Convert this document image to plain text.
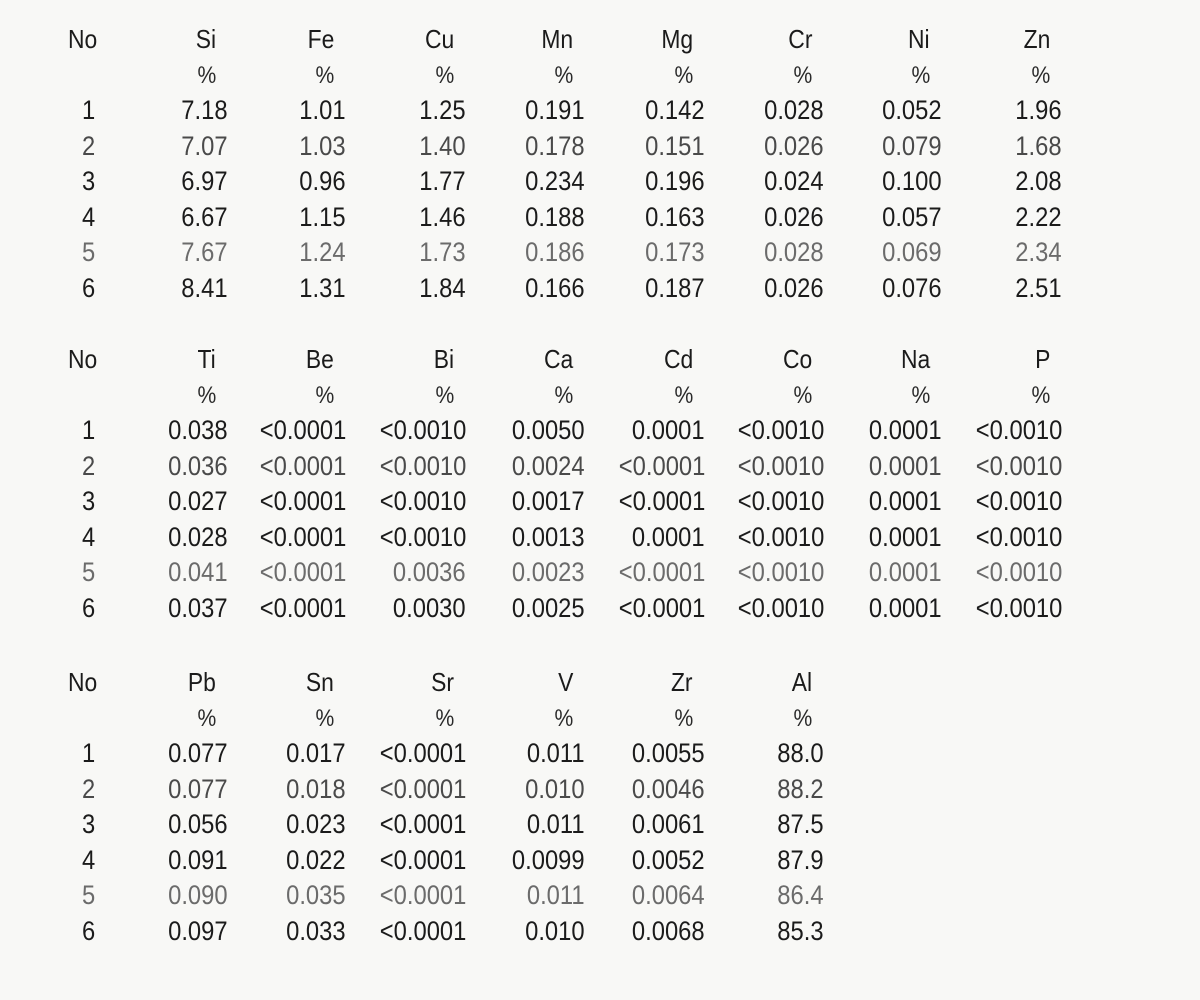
No	Si	Fe	Cu	Mn	Mg	Cr	Ni	Zn
%	%	%	%	%	%	%	%
1	7.18	1.01	1.25 0.191 0.142 0.028 0.052	1.96
2	7.07	1.03	1.40 0.178 0.151 0.026 0.079	1.68
3	6.97	0.96	1.77 0.234 0.196 0.024 0.100	2.08
4	6.67	1.15	1.46 0.188 0.163 0.026 0.057	2.22
5	7.67	1.24	1.73 0.186 0.173 0.028 0.069	2.34
6	8.41	1.31	1.84 0.166 0.187 0.026 0.076	2.51
No	Ti	Be	Bi	Ca	Cd	Co	Na	P
%	%	%	%	%	%	%	%
1	0.038 <0.0001 <0.0010 0.0050 0.0001 <0.0010 0.0001 <0.0010
2	0.036 <0.0001 <0.0010 0.0024 <0.0001 <0.0010 0.0001 <0.0010
3	0.027 <0.0001 <0.0010 0.0017 <0.0001 <0.0010 0.0001 <0.0010
4	0.028 <0.0001 <0.0010 0.0013 0.0001 <0.0010 0.0001 <0.0010
5	0.041 <0.0001 0.0036 0.0023 <0.0001 <0.0010 0.0001 <0.0010
6	0.037 <0.0001 0.0030 0.0025 <0.0001 <0.0010 0.0001 <0.0010
No	Pb	Sn	Sr	V	Zr	Al
%	%	%	%	%	%
1	0.077 0.017 <0.0001 0.011 0.0055	88.0
2	0.077 0.018 <0.0001 0.010 0.0046	88.2
3	0.056 0.023 <0.0001 0.011 0.0061	87.5
4	0.091 0.022 <0.0001 0.0099 0.0052	87.9
5	0.090 0.035 <0.0001 0.011 0.0064	86.4
6	0.097 0.033 <0.0001 0.010 0.0068	85.3
